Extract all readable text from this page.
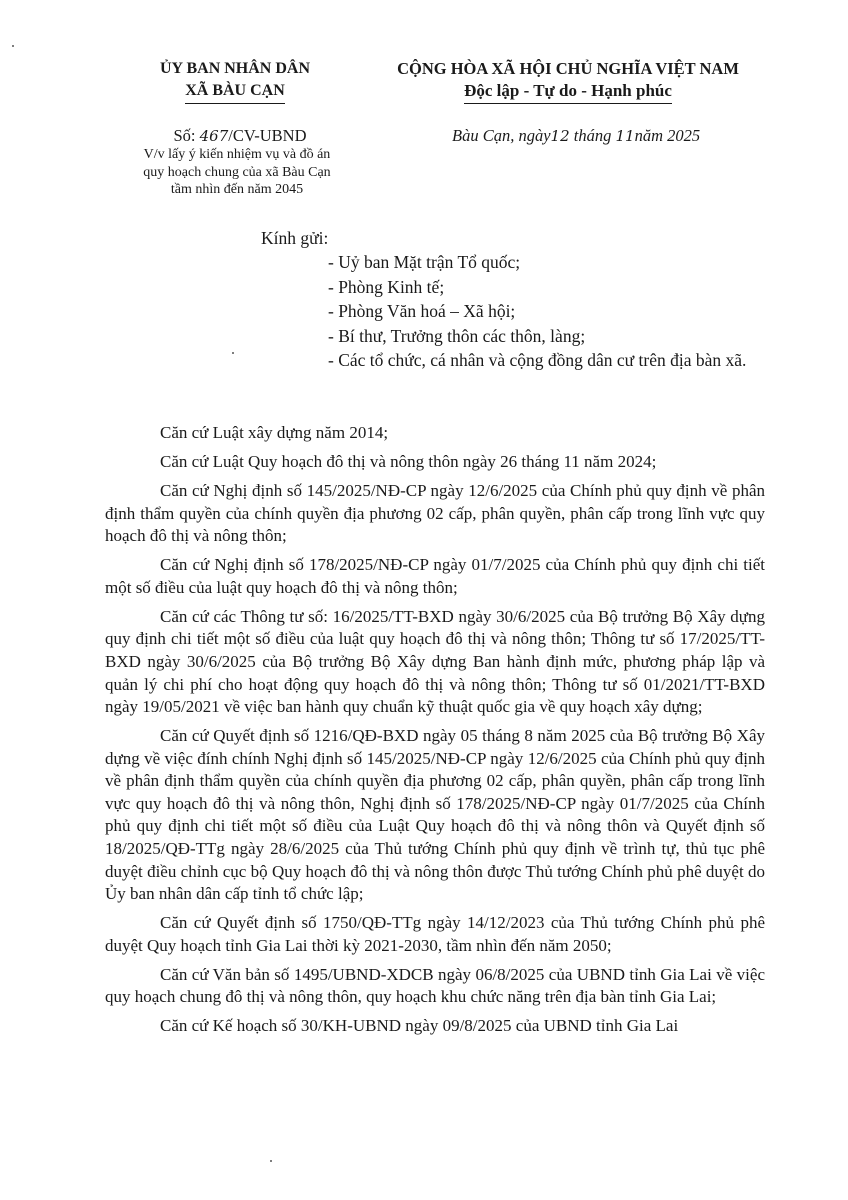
ỦY BAN NHÂN DÂN
XÃ BÀU CẠN
CỘNG HÒA XÃ HỘI CHỦ NGHĨA VIỆT NAM
Độc lập - Tự do - Hạnh phúc
Số: 467/CV-UBND
V/v lấy ý kiến nhiệm vụ và đồ án
quy hoạch chung của xã Bàu Cạn
tầm nhìn đến năm 2045
Bàu Cạn, ngày12 tháng 11năm 2025
Kính gửi:
- Uỷ ban Mặt trận Tổ quốc;
- Phòng Kinh tế;
- Phòng Văn hoá – Xã hội;
- Bí thư, Trưởng thôn các thôn, làng;
- Các tổ chức, cá nhân và cộng đồng dân cư trên địa bàn xã.

Căn cứ Luật xây dựng năm 2014;

Căn cứ Luật Quy hoạch đô thị và nông thôn ngày 26 tháng 11 năm 2024;

Căn cứ Nghị định số 145/2025/NĐ-CP ngày 12/6/2025 của Chính phủ quy định về phân định thẩm quyền của chính quyền địa phương 02 cấp, phân quyền, phân cấp trong lĩnh vực quy hoạch đô thị và nông thôn;

Căn cứ Nghị định số 178/2025/NĐ-CP ngày 01/7/2025 của Chính phủ quy định chi tiết một số điều của luật quy hoạch đô thị và nông thôn;

Căn cứ các Thông tư số: 16/2025/TT-BXD ngày 30/6/2025 của Bộ trưởng Bộ Xây dựng quy định chi tiết một số điều của luật quy hoạch đô thị và nông thôn; Thông tư số 17/2025/TT-BXD ngày 30/6/2025 của Bộ trưởng Bộ Xây dựng Ban hành định mức, phương pháp lập và quản lý chi phí cho hoạt động quy hoạch đô thị và nông thôn; Thông tư số 01/2021/TT-BXD ngày 19/05/2021 về việc ban hành quy chuẩn kỹ thuật quốc gia về quy hoạch xây dựng;

Căn cứ Quyết định số 1216/QĐ-BXD ngày 05 tháng 8 năm 2025 của Bộ trưởng Bộ Xây dựng về việc đính chính Nghị định số 145/2025/NĐ-CP ngày 12/6/2025 của Chính phủ quy định về phân định thẩm quyền của chính quyền địa phương 02 cấp, phân quyền, phân cấp trong lĩnh vực quy hoạch đô thị và nông thôn, Nghị định số 178/2025/NĐ-CP ngày 01/7/2025 của Chính phủ quy định chi tiết một số điều của Luật Quy hoạch đô thị và nông thôn và Quyết định số 18/2025/QĐ-TTg ngày 28/6/2025 của Thủ tướng Chính phủ quy định về trình tự, thủ tục phê duyệt điều chỉnh cục bộ Quy hoạch đô thị và nông thôn được Thủ tướng Chính phủ phê duyệt do Ủy ban nhân dân cấp tỉnh tổ chức lập;

Căn cứ Quyết định số 1750/QĐ-TTg ngày 14/12/2023 của Thủ tướng Chính phủ phê duyệt Quy hoạch tỉnh Gia Lai thời kỳ 2021-2030, tầm nhìn đến năm 2050;

Căn cứ Văn bản số 1495/UBND-XDCB ngày 06/8/2025 của UBND tỉnh Gia Lai về việc quy hoạch chung đô thị và nông thôn, quy hoạch khu chức năng trên địa bàn tỉnh Gia Lai;

Căn cứ Kế hoạch số 30/KH-UBND ngày 09/8/2025 của UBND tỉnh Gia Lai
